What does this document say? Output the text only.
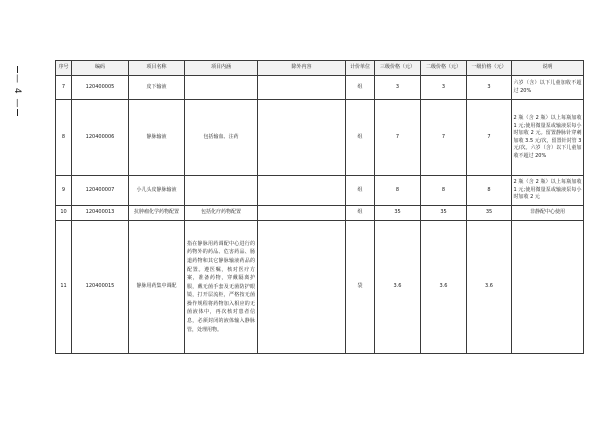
— 4 —
序号	编码	项目名称	项目内涵	除外内容	计价单位	三级价格（元）	二级价格（元）	一级价格（元）	说明
7	120400005	皮下输液			组	3	3	3	六岁（含）以下儿童加收不超过 20%
8	120400006	静脉输液	包括输血、注药		组	7	7	7	2 瓶（含 2 瓶）以上每瓶加收 1 元;使用微量泵或输液泵每小时加收 2 元。留置静脉针穿刺加收 3.5 元/次，留置针封管 3 元/次。六岁（含）以下儿童加收不超过 20%
9	120400007	小儿头皮静脉输液			组	8	8	8	2 瓶（含 2 瓶）以上每瓶加收 1 元;使用微量泵或输液泵每小时加收 2 元
10	120400013	抗肿瘤化学药物配置	包括化疗药物配置		组	35	35	35	非静配中心使用
11	120400015	静脉用药集中调配	指在静脉用药调配中心进行的药物外的药品、危害药品、肠道药物和其它静脉输液药品的配置。遵医嘱，核对医疗方案，准备药物，穿戴隔离护服，戴无菌手套及无菌防护眼镜，打开层流柜，严格按无菌操作规程将药物加入相应的无菌液体中，再次核对患者信息，必须封闭的液体输入静脉管，处理用物。		袋	3.6	3.6	3.6	
